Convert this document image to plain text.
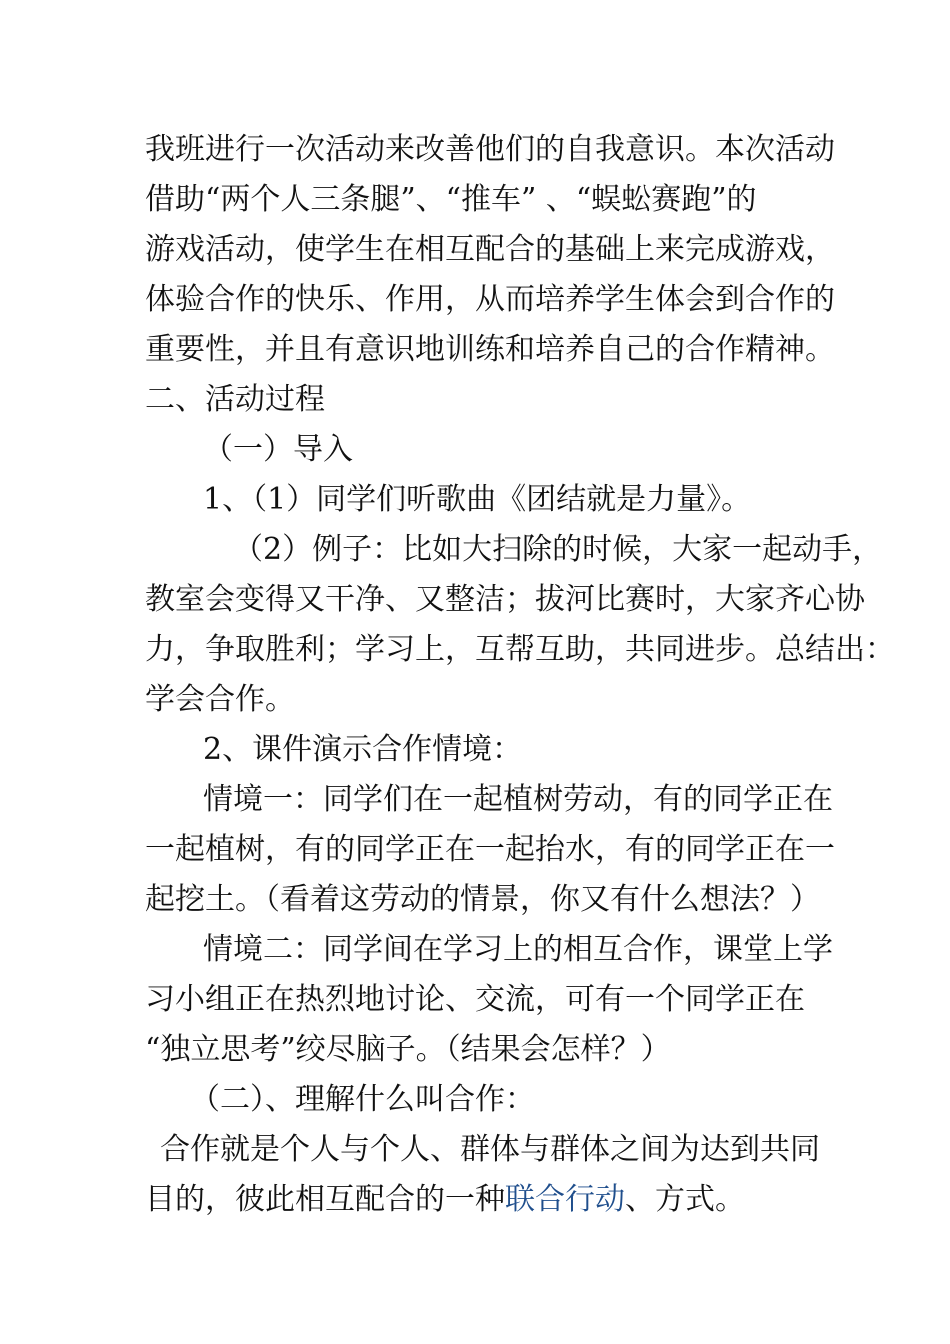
我班进行一次活动来改善他们的自我意识。本次活动
借助“两个人三条腿”、“推车” 、“蜈蚣赛跑”的
游戏活动，使学生在相互配合的基础上来完成游戏，
体验合作的快乐、作用，从而培养学生体会到合作的
重要性，并且有意识地训练和培养自己的合作精神。
二、活动过程
（一）导入
1、（1）同学们听歌曲《团结就是力量》。
（2）例子：比如大扫除的时候，大家一起动手，
教室会变得又干净、又整洁；拔河比赛时，大家齐心协
力，争取胜利；学习上，互帮互助，共同进步。总结出：
学会合作。
2、课件演示合作情境：
情境一：同学们在一起植树劳动，有的同学正在
一起植树，有的同学正在一起抬水，有的同学正在一
起挖土。（看着这劳动的情景，你又有什么想法？）
情境二：同学间在学习上的相互合作，课堂上学
习小组正在热烈地讨论、交流，可有一个同学正在
“独立思考”绞尽脑子。（结果会怎样？）
（二）、理解什么叫合作：
合作就是个人与个人、群体与群体之间为达到共同
目的，彼此相互配合的一种联合行动、方式。
